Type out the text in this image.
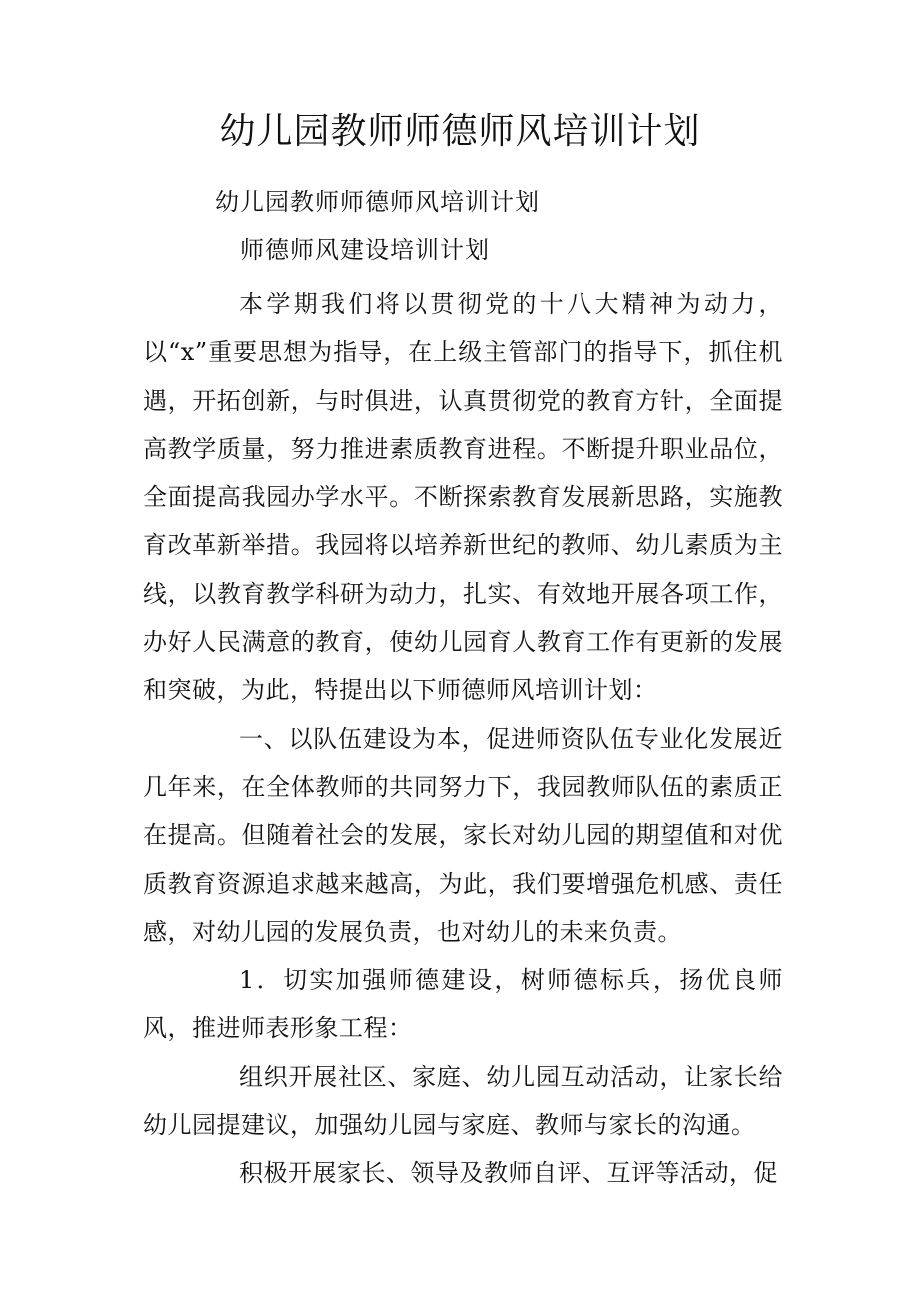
幼儿园教师师德师风培训计划

幼儿园教师师德师风培训计划

师德师风建设培训计划

本学期我们将以贯彻党的十八大精神为动力，以“x”重要思想为指导，在上级主管部门的指导下，抓住机遇，开拓创新，与时俱进，认真贯彻党的教育方针，全面提高教学质量，努力推进素质教育进程。不断提升职业品位，全面提高我园办学水平。不断探索教育发展新思路，实施教育改革新举措。我园将以培养新世纪的教师、幼儿素质为主线，以教育教学科研为动力，扎实、有效地开展各项工作，办好人民满意的教育，使幼儿园育人教育工作有更新的发展和突破，为此，特提出以下师德师风培训计划：

一、以队伍建设为本，促进师资队伍专业化发展近几年来，在全体教师的共同努力下，我园教师队伍的素质正在提高。但随着社会的发展，家长对幼儿园的期望值和对优质教育资源追求越来越高，为此，我们要增强危机感、责任感，对幼儿园的发展负责，也对幼儿的未来负责。

1．切实加强师德建设，树师德标兵，扬优良师风，推进师表形象工程：

组织开展社区、家庭、幼儿园互动活动，让家长给幼儿园提建议，加强幼儿园与家庭、教师与家长的沟通。

积极开展家长、领导及教师自评、互评等活动，促
